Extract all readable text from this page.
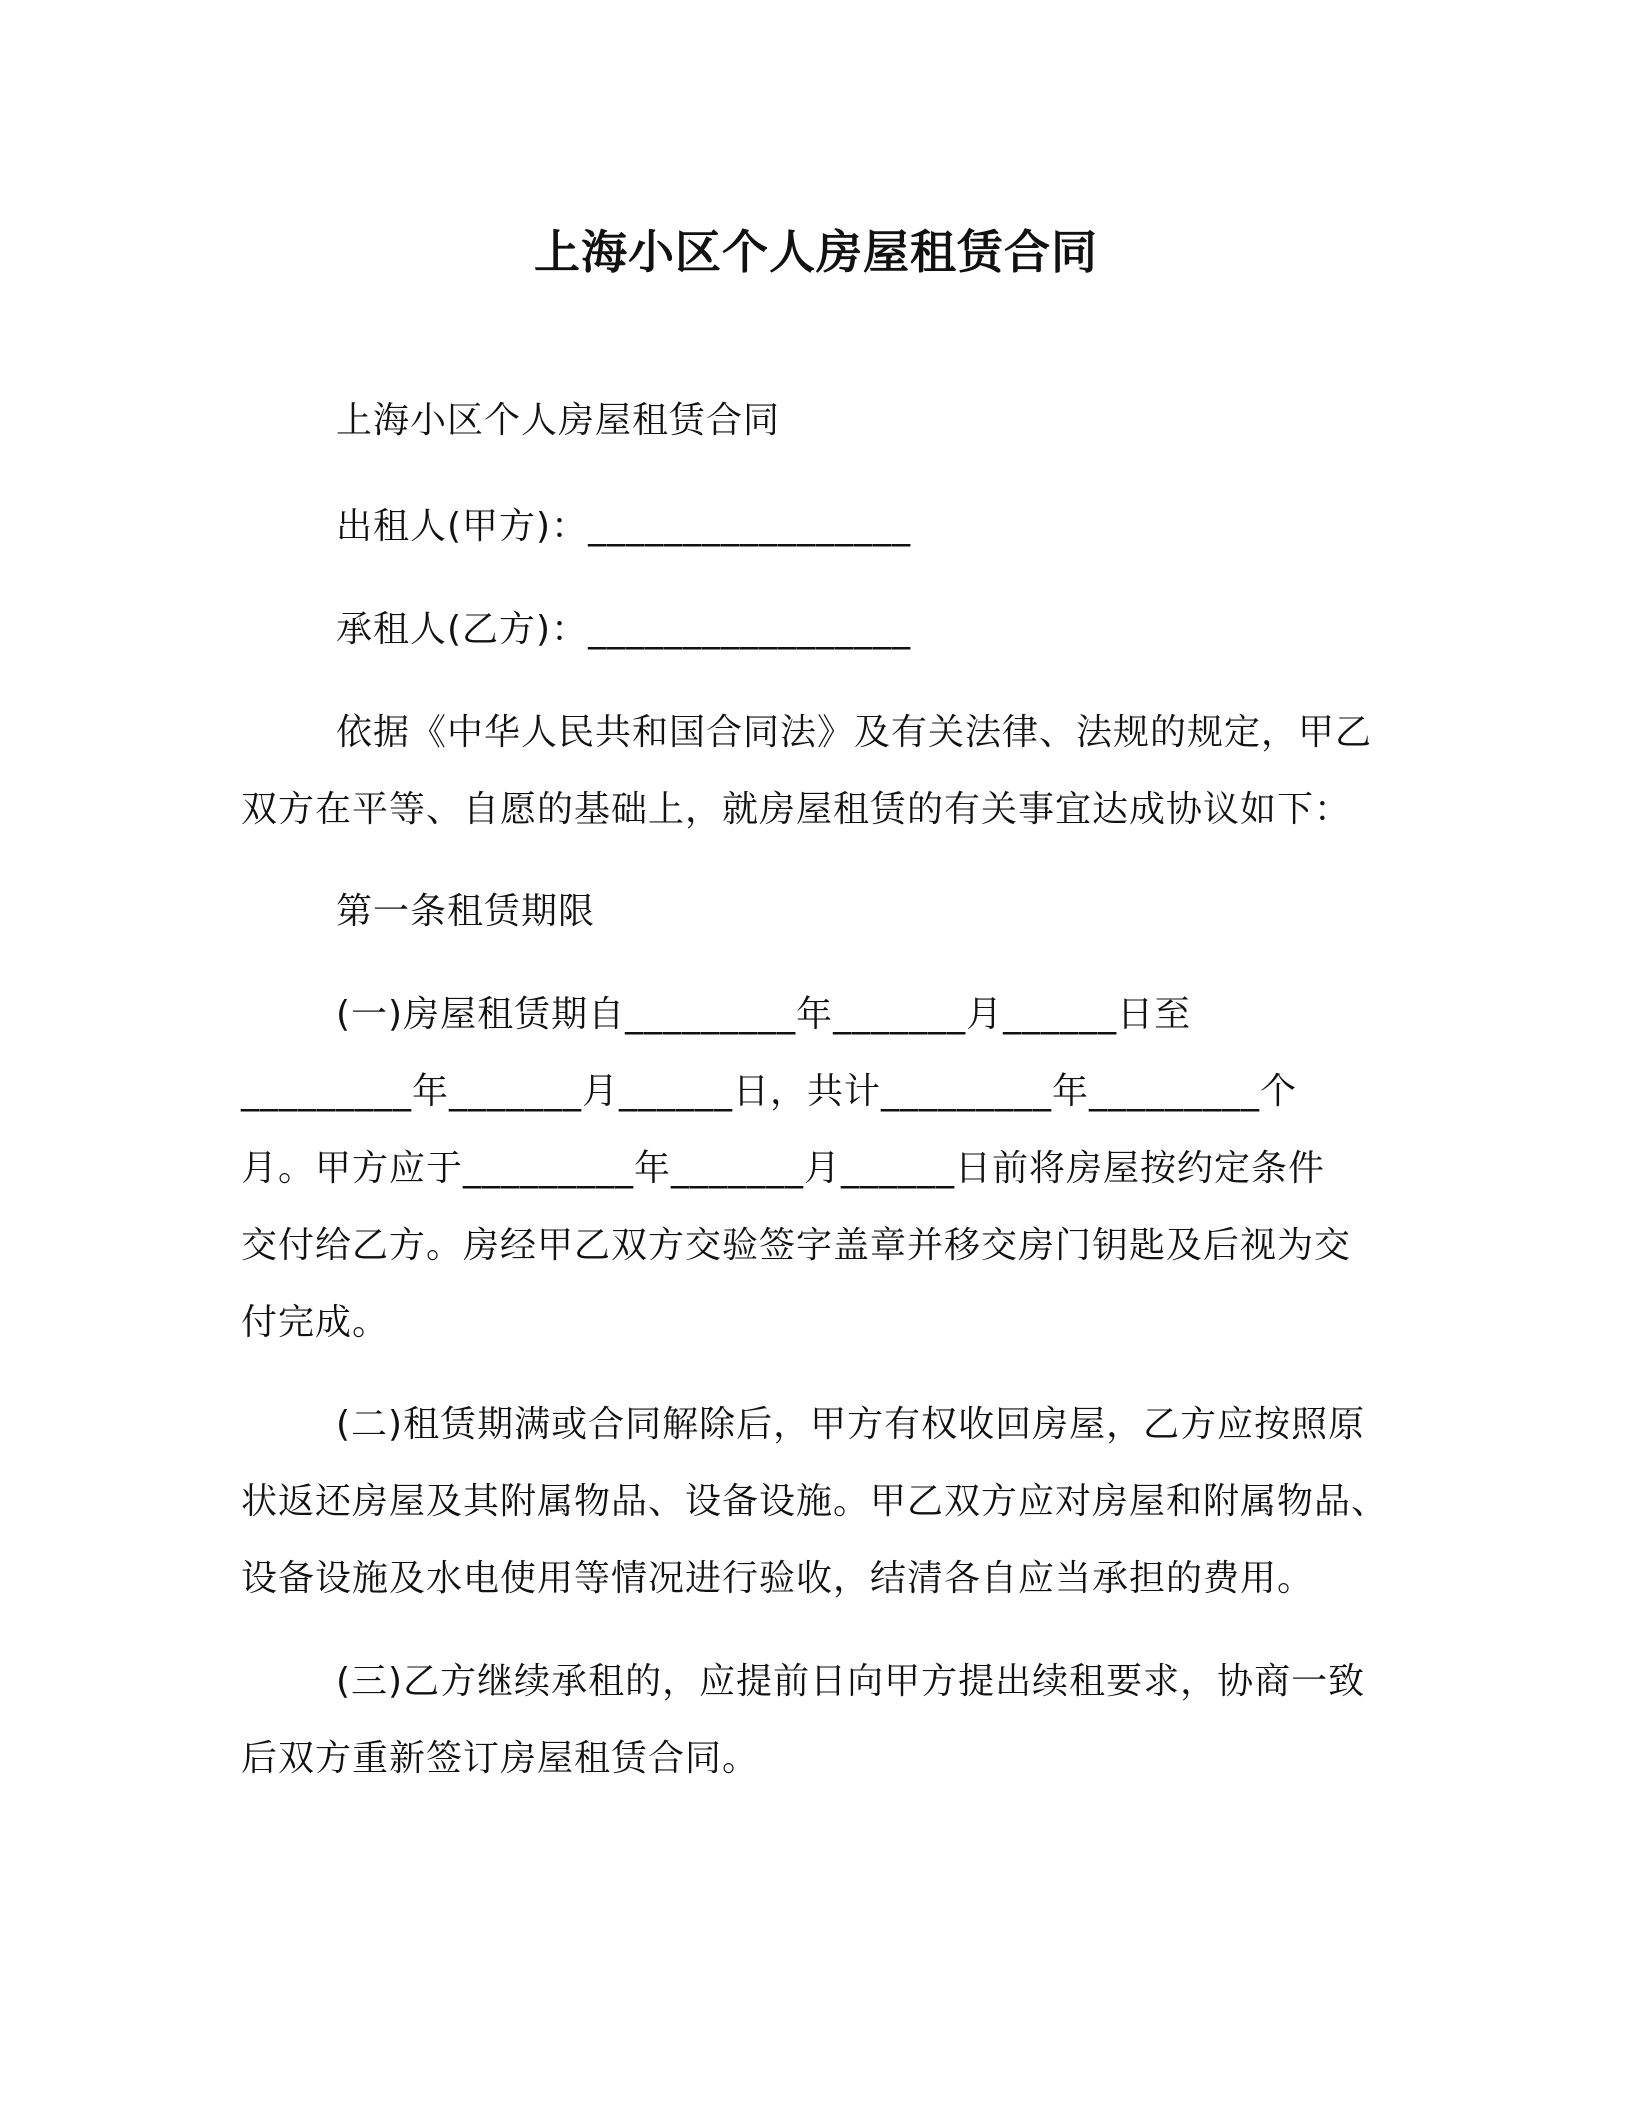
上海小区个人房屋租赁合同
上海小区个人房屋租赁合同
出租人(甲方)：_________________
承租人(乙方)：_________________
依据《中华人民共和国合同法》及有关法律、法规的规定，甲乙
双方在平等、自愿的基础上，就房屋租赁的有关事宜达成协议如下：
第一条租赁期限
(一)房屋租赁期自_________年_______月______日至
_________年_______月______日，共计_________年_________个
月。甲方应于_________年_______月______日前将房屋按约定条件
交付给乙方。房经甲乙双方交验签字盖章并移交房门钥匙及后视为交
付完成。
(二)租赁期满或合同解除后，甲方有权收回房屋，乙方应按照原
状返还房屋及其附属物品、设备设施。甲乙双方应对房屋和附属物品、
设备设施及水电使用等情况进行验收，结清各自应当承担的费用。
(三)乙方继续承租的，应提前日向甲方提出续租要求，协商一致
后双方重新签订房屋租赁合同。
